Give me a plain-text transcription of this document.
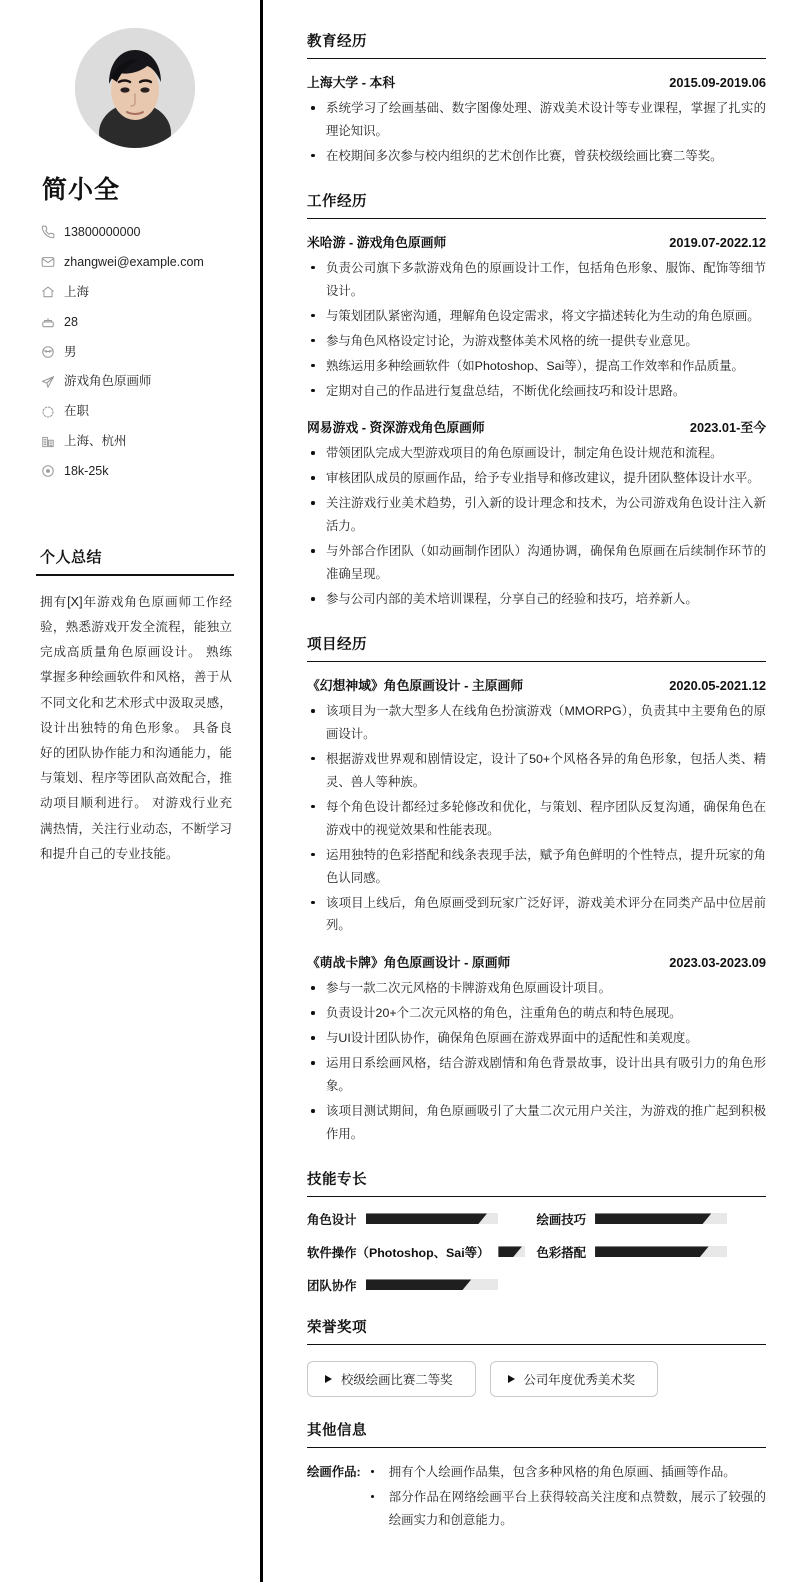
简小全
13800000000
zhangwei@example.com
上海
28
男
游戏角色原画师
在职
上海、杭州
18k-25k
个人总结

拥有[X]年游戏角色原画师工作经验，熟悉游戏开发全流程，能独立完成高质量角色原画设计。 熟练掌握多种绘画软件和风格，善于从不同文化和艺术形式中汲取灵感，设计出独特的角色形象。 具备良好的团队协作能力和沟通能力，能与策划、程序等团队高效配合，推动项目顺利进行。 对游戏行业充满热情，关注行业动态，不断学习和提升自己的专业技能。

教育经历
上海大学 - 本科	2015.09-2019.06
系统学习了绘画基础、数字图像处理、游戏美术设计等专业课程，掌握了扎实的理论知识。
在校期间多次参与校内组织的艺术创作比赛，曾获校级绘画比赛二等奖。
工作经历
米哈游 - 游戏角色原画师	2019.07-2022.12
负责公司旗下多款游戏角色的原画设计工作，包括角色形象、服饰、配饰等细节设计。
与策划团队紧密沟通，理解角色设定需求，将文字描述转化为生动的角色原画。
参与角色风格设定讨论，为游戏整体美术风格的统一提供专业意见。
熟练运用多种绘画软件（如Photoshop、Sai等），提高工作效率和作品质量。
定期对自己的作品进行复盘总结，不断优化绘画技巧和设计思路。
网易游戏 - 资深游戏角色原画师	2023.01-至今
带领团队完成大型游戏项目的角色原画设计，制定角色设计规范和流程。
审核团队成员的原画作品，给予专业指导和修改建议，提升团队整体设计水平。
关注游戏行业美术趋势，引入新的设计理念和技术，为公司游戏角色设计注入新活力。
与外部合作团队（如动画制作团队）沟通协调，确保角色原画在后续制作环节的准确呈现。
参与公司内部的美术培训课程，分享自己的经验和技巧，培养新人。
项目经历
《幻想神域》角色原画设计 - 主原画师	2020.05-2021.12
该项目为一款大型多人在线角色扮演游戏（MMORPG），负责其中主要角色的原画设计。
根据游戏世界观和剧情设定，设计了50+个风格各异的角色形象，包括人类、精灵、兽人等种族。
每个角色设计都经过多轮修改和优化，与策划、程序团队反复沟通，确保角色在游戏中的视觉效果和性能表现。
运用独特的色彩搭配和线条表现手法，赋予角色鲜明的个性特点，提升玩家的角色认同感。
该项目上线后，角色原画受到玩家广泛好评，游戏美术评分在同类产品中位居前列。
《萌战卡牌》角色原画设计 - 原画师	2023.03-2023.09
参与一款二次元风格的卡牌游戏角色原画设计项目。
负责设计20+个二次元风格的角色，注重角色的萌点和特色展现。
与UI设计团队协作，确保角色原画在游戏界面中的适配性和美观度。
运用日系绘画风格，结合游戏剧情和角色背景故事，设计出具有吸引力的角色形象。
该项目测试期间，角色原画吸引了大量二次元用户关注，为游戏的推广起到积极作用。
技能专长
角色设计	绘画技巧
软件操作（Photoshop、Sai等）	色彩搭配
团队协作
荣誉奖项
校级绘画比赛二等奖	公司年度优秀美术奖
其他信息
绘画作品:	拥有个人绘画作品集，包含多种风格的角色原画、插画等作品。
部分作品在网络绘画平台上获得较高关注度和点赞数，展示了较强的绘画实力和创意能力。
